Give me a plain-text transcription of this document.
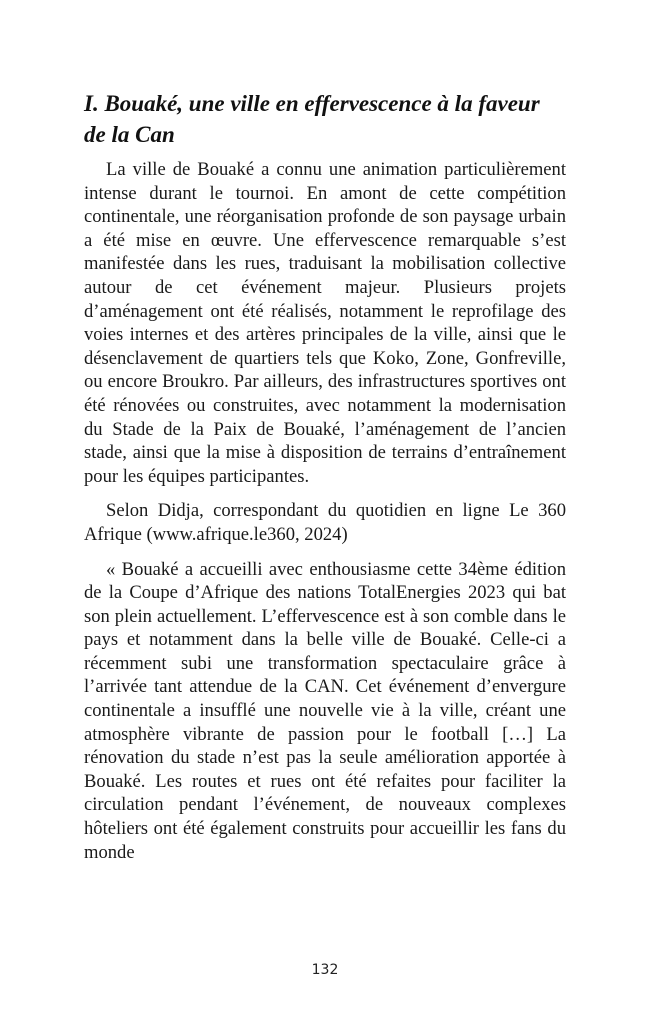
I. Bouaké, une ville en effervescence à la faveur de la Can

La ville de Bouaké a connu une animation particulièrement intense durant le tournoi. En amont de cette compétition continentale, une réorganisation profonde de son paysage urbain a été mise en œuvre. Une effervescence remarquable s’est manifestée dans les rues, traduisant la mobilisation collective autour de cet événement majeur. Plusieurs projets d’aménagement ont été réalisés, notamment le reprofilage des voies internes et des artères principales de la ville, ainsi que le désenclavement de quartiers tels que Koko, Zone, Gonfreville, ou encore Broukro. Par ailleurs, des infrastructures sportives ont été rénovées ou construites, avec notamment la modernisation du Stade de la Paix de Bouaké, l’aménagement de l’ancien stade, ainsi que la mise à disposition de terrains d’entraînement pour les équipes participantes.

Selon Didja, correspondant du quotidien en ligne Le 360 Afrique (www.afrique.le360, 2024)

« Bouaké a accueilli avec enthousiasme cette 34ème édition de la Coupe d’Afrique des nations TotalEnergies 2023 qui bat son plein actuellement. L’effervescence est à son comble dans le pays et notamment dans la belle ville de Bouaké. Celle-ci a récemment subi une transformation spectaculaire grâce à l’arrivée tant attendue de la CAN. Cet événement d’envergure continentale a insufflé une nouvelle vie à la ville, créant une atmosphère vibrante de passion pour le football […] La rénovation du stade n’est pas la seule amélioration apportée à Bouaké. Les routes et rues ont été refaites pour faciliter la circulation pendant l’événement, de nouveaux complexes hôteliers ont été également construits pour accueillir les fans du monde

132
